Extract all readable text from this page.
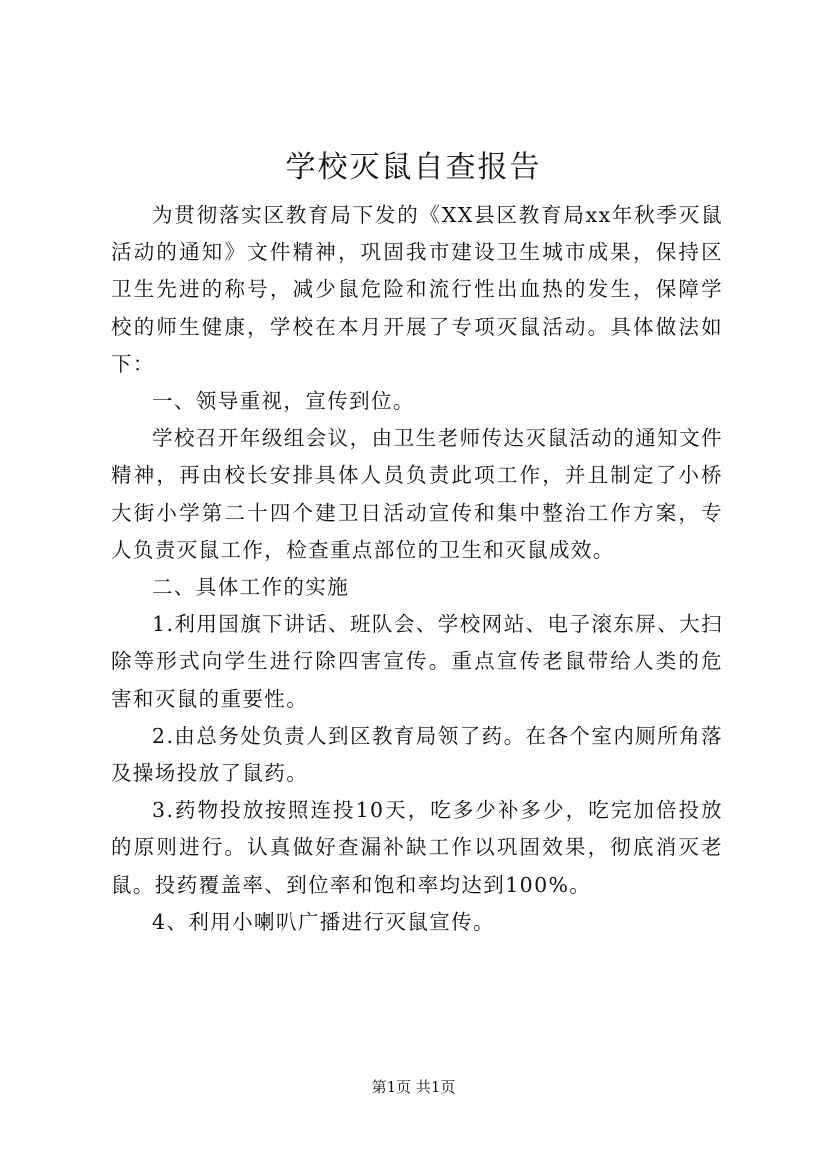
学校灭鼠自查报告

为贯彻落实区教育局下发的《XX县区教育局xx年秋季灭鼠活动的通知》文件精神，巩固我市建设卫生城市成果，保持区卫生先进的称号，减少鼠危险和流行性出血热的发生，保障学校的师生健康，学校在本月开展了专项灭鼠活动。具体做法如下：

一、领导重视，宣传到位。

学校召开年级组会议，由卫生老师传达灭鼠活动的通知文件精神，再由校长安排具体人员负责此项工作，并且制定了小桥大街小学第二十四个建卫日活动宣传和集中整治工作方案，专人负责灭鼠工作，检查重点部位的卫生和灭鼠成效。

二、具体工作的实施

1.利用国旗下讲话、班队会、学校网站、电子滚东屏、大扫除等形式向学生进行除四害宣传。重点宣传老鼠带给人类的危害和灭鼠的重要性。

2.由总务处负责人到区教育局领了药。在各个室内厕所角落及操场投放了鼠药。

3.药物投放按照连投10天，吃多少补多少，吃完加倍投放的原则进行。认真做好查漏补缺工作以巩固效果，彻底消灭老鼠。投药覆盖率、到位率和饱和率均达到100%。

4、利用小喇叭广播进行灭鼠宣传。

第1页 共1页
